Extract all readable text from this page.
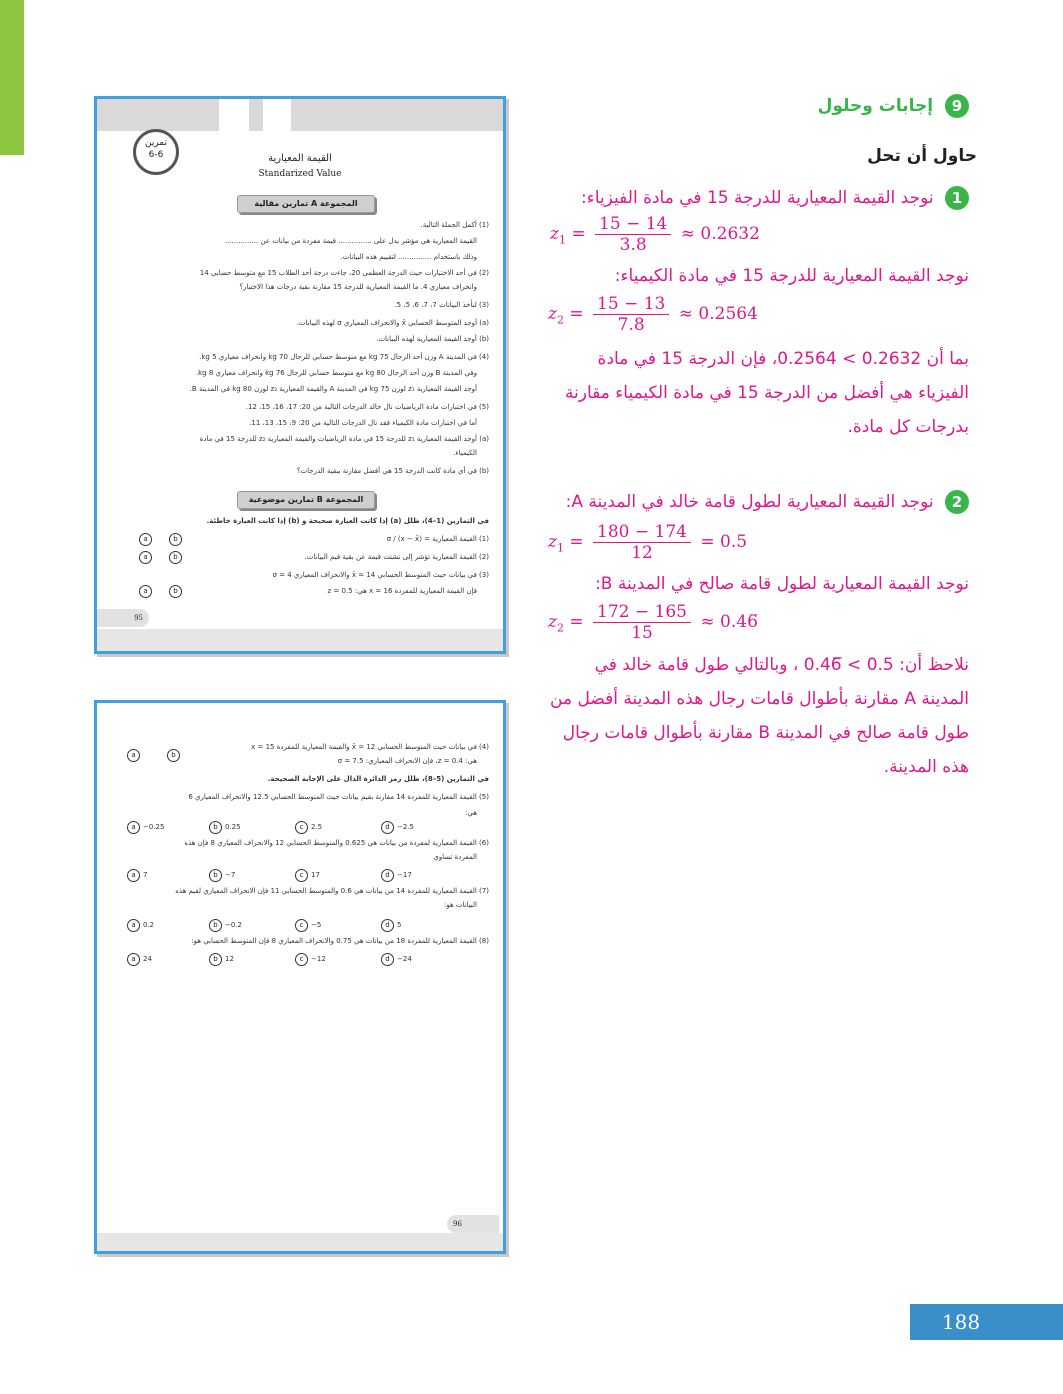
تمرين
6-6	القيمة المعيارية
Standarized Value
المجموعة A تمارين مقالية
(1) أكمل الجملة التالية.
القيمة المعيارية هي مؤشر يدل على ............... قيمة مفردة من بيانات عن ...............
وذلك باستخدام ............... لتقييم هذه البيانات.
(2) في أحد الاختبارات حيث الدرجة العظمى 20، جاءت درجة أحد الطلاب 15 مع متوسط حسابي 14
وانحراف معياري 4. ما القيمة المعيارية للدرجة 15 مقارنة بقية درجات هذا الاختبار؟
(3) لنأخذ البيانات 7، 7، 6، 5، 5.
(a) أوجد المتوسط الحسابي x̄ والانحراف المعياري σ لهذه البيانات.
(b) أوجد القيمة المعيارية لهذه البيانات.
(4) في المدينة A وزن أحد الرجال 75 kg مع متوسط حسابي للرجال 70 kg وانحراف معياري 5 kg.
وفي المدينة B وزن أحد الرجال 80 kg مع متوسط حسابي للرجال 76 kg وانحراف معياري 8 kg.
أوجد القيمة المعيارية z₁ لوزن 75 kg في المدينة A والقيمة المعيارية z₂ لوزن 80 kg في المدينة B.
(5) في اختبارات مادة الرياضيات نال خالد الدرجات التالية من 20: 17، 16، 15، 12.
أما في اختبارات مادة الكيمياء فقد نال الدرجات التالية من 20: 9، 15، 13، 11.
(a) أوجد القيمة المعيارية z₁ للدرجة 15 في مادة الرياضيات والقيمة المعيارية z₂ للدرجة 15 في مادة
الكيمياء.
(b) في أي مادة كانت الدرجة 15 هي أفضل مقارنة ببقية الدرجات؟
المجموعة B تمارين موضوعية
في التمارين (1–4)، ظلل (a) إذا كانت العبارة صحيحة و (b) إذا كانت العبارة خاطئة.
(1) القيمة المعيارية = (x − x̄) / σ
(2) القيمة المعيارية تؤشر إلى تشتت قيمة عن بقية قيم البيانات.
(3) في بيانات حيث المتوسط الحسابي 14 = x̄ والانحراف المعياري 4 = σ
فإن القيمة المعيارية للمفردة 16 = x هي: z = 0.5
a	b
a	b
a	b
95
(4) في بيانات حيث المتوسط الحسابي 12 = x̄ والقيمة المعيارية للمفردة 15 = x
هي: z = 0.4، فإن الانحراف المعياري: σ = 7.5
a	b
في التمارين (5–8)، ظلل رمز الدائرة الدال على الإجابة الصحيحة.
(5) القيمة المعيارية للمفردة 14 مقارنة بقيم بيانات حيث المتوسط الحسابي 12.5 والانحراف المعياري 6
هي:
a	−0.25	b	0.25	c	2.5	d	−2.5
(6) القيمة المعيارية لمفردة من بيانات هي 0.625 والمتوسط الحسابي 12 والانحراف المعياري 8 فإن هذه
المفردة تساوي
a	7	b	−7	c	17	d	−17
(7) القيمة المعيارية للمفردة 14 من بيانات هي 0.6 والمتوسط الحسابي 11 فإن الانحراف المعياري لقيم هذه
البيانات هو:
a	0.2	b	−0.2	c	−5	d	5
(8) القيمة المعيارية للمفردة 18 من بيانات هي 0.75 والانحراف المعياري 8 فإن المتوسط الحسابي هو:
a	24	b	12	c	−12	d	−24
96
9 إجابات وحلول
حاول أن تحل
1 نوجد القيمة المعيارية للدرجة 15 في مادة الفيزياء:
$z_1 = \frac{15 - 14}{3.8} \approx 0.2632$
نوجد القيمة المعيارية للدرجة 15 في مادة الكيمياء:
$z_2 = \frac{15 - 13}{7.8} \approx 0.2564$
بما أن 0.2632 > 0.2564، فإن الدرجة 15 في مادة الفيزياء هي أفضل من الدرجة 15 في مادة الكيمياء مقارنة بدرجات كل مادة.
2 نوجد القيمة المعيارية لطول قامة خالد في المدينة A:
$z_1 = \frac{180 - 174}{12} = 0.5$
نوجد القيمة المعيارية لطول قامة صالح في المدينة B:
$z_2 = \frac{172 - 165}{15}$ ≈ 0.46̅
نلاحظ أن: 0.5 > 0.46̅ ، وبالتالي طول قامة خالد في المدينة A مقارنة بأطوال قامات رجال هذه المدينة أفضل من طول قامة صالح في المدينة B مقارنة بأطوال قامات رجال هذه المدينة.
188
